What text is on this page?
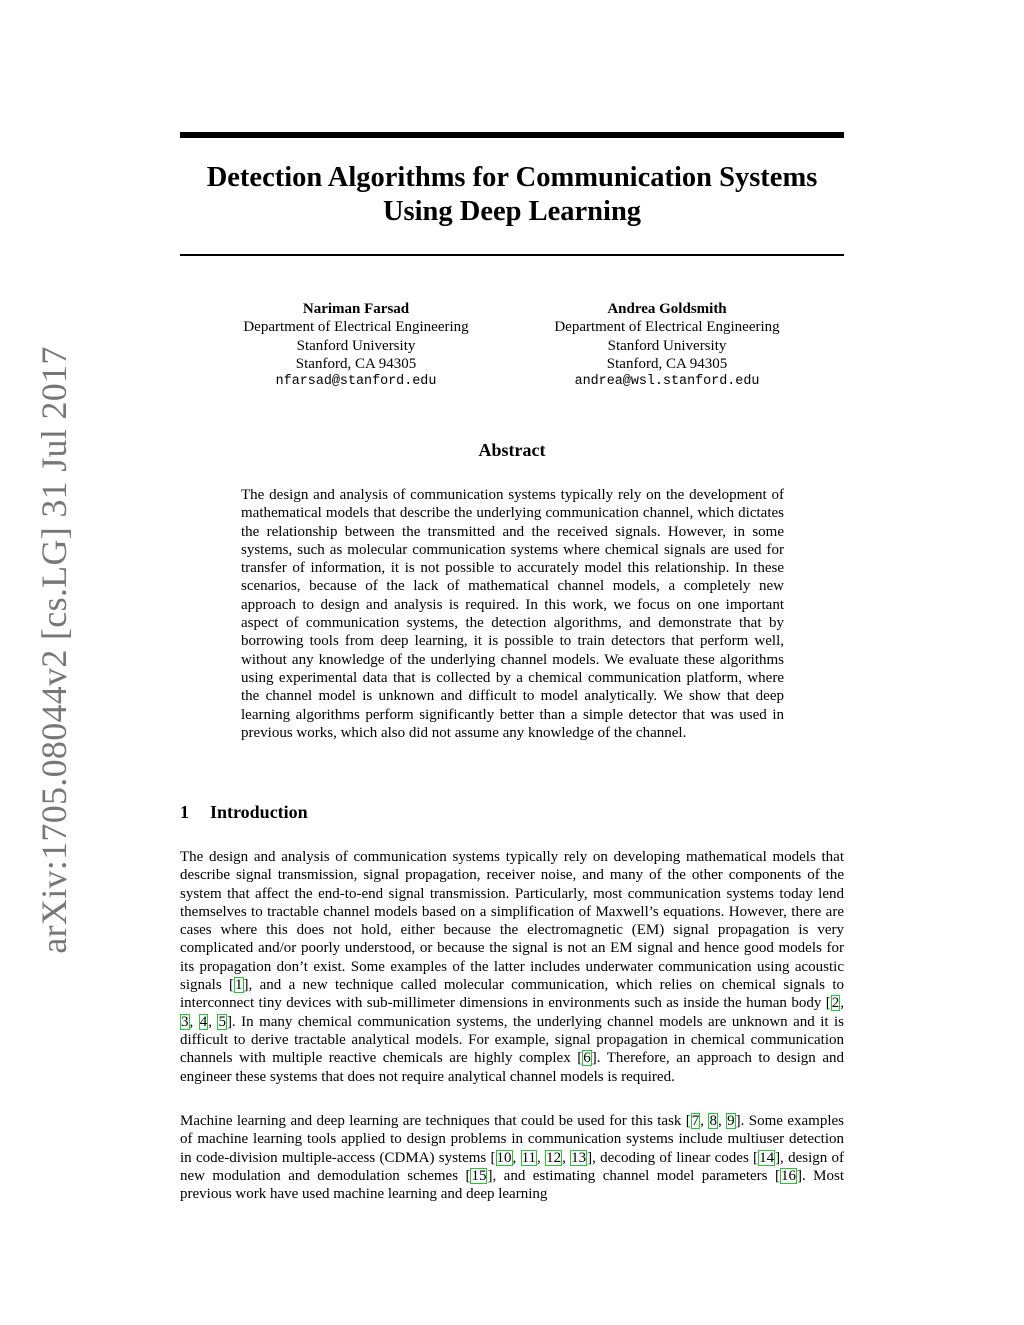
arXiv:1705.08044v2 [cs.LG] 31 Jul 2017
Detection Algorithms for Communication Systems
Using Deep Learning
Nariman Farsad
Department of Electrical Engineering
Stanford University
Stanford, CA 94305
nfarsad@stanford.edu
Andrea Goldsmith
Department of Electrical Engineering
Stanford University
Stanford, CA 94305
andrea@wsl.stanford.edu
Abstract

The design and analysis of communication systems typically rely on the development of mathematical models that describe the underlying communication channel, which dictates the relationship between the transmitted and the received signals. However, in some systems, such as molecular communication systems where chemical signals are used for transfer of information, it is not possible to accurately model this relationship. In these scenarios, because of the lack of mathematical channel models, a completely new approach to design and analysis is required. In this work, we focus on one important aspect of communication systems, the detection algorithms, and demonstrate that by borrowing tools from deep learning, it is possible to train detectors that perform well, without any knowledge of the underlying channel models. We evaluate these algorithms using experimental data that is collected by a chemical communication platform, where the channel model is unknown and difficult to model analytically. We show that deep learning algorithms perform significantly better than a simple detector that was used in previous works, which also did not assume any knowledge of the channel.

1 Introduction

The design and analysis of communication systems typically rely on developing mathematical models that describe signal transmission, signal propagation, receiver noise, and many of the other components of the system that affect the end-to-end signal transmission. Particularly, most communication systems today lend themselves to tractable channel models based on a simplification of Maxwell’s equations. However, there are cases where this does not hold, either because the electromagnetic (EM) signal propagation is very complicated and/or poorly understood, or because the signal is not an EM signal and hence good models for its propagation don’t exist. Some examples of the latter includes underwater communication using acoustic signals [1], and a new technique called molecular communication, which relies on chemical signals to interconnect tiny devices with sub-millimeter dimensions in environments such as inside the human body [2, 3, 4, 5]. In many chemical communication systems, the underlying channel models are unknown and it is difficult to derive tractable analytical models. For example, signal propagation in chemical communication channels with multiple reactive chemicals are highly complex [6]. Therefore, an approach to design and engineer these systems that does not require analytical channel models is required.

Machine learning and deep learning are techniques that could be used for this task [7, 8, 9]. Some examples of machine learning tools applied to design problems in communication systems include multiuser detection in code-division multiple-access (CDMA) systems [10, 11, 12, 13], decoding of linear codes [14], design of new modulation and demodulation schemes [15], and estimating channel model parameters [16]. Most previous work have used machine learning and deep learning
